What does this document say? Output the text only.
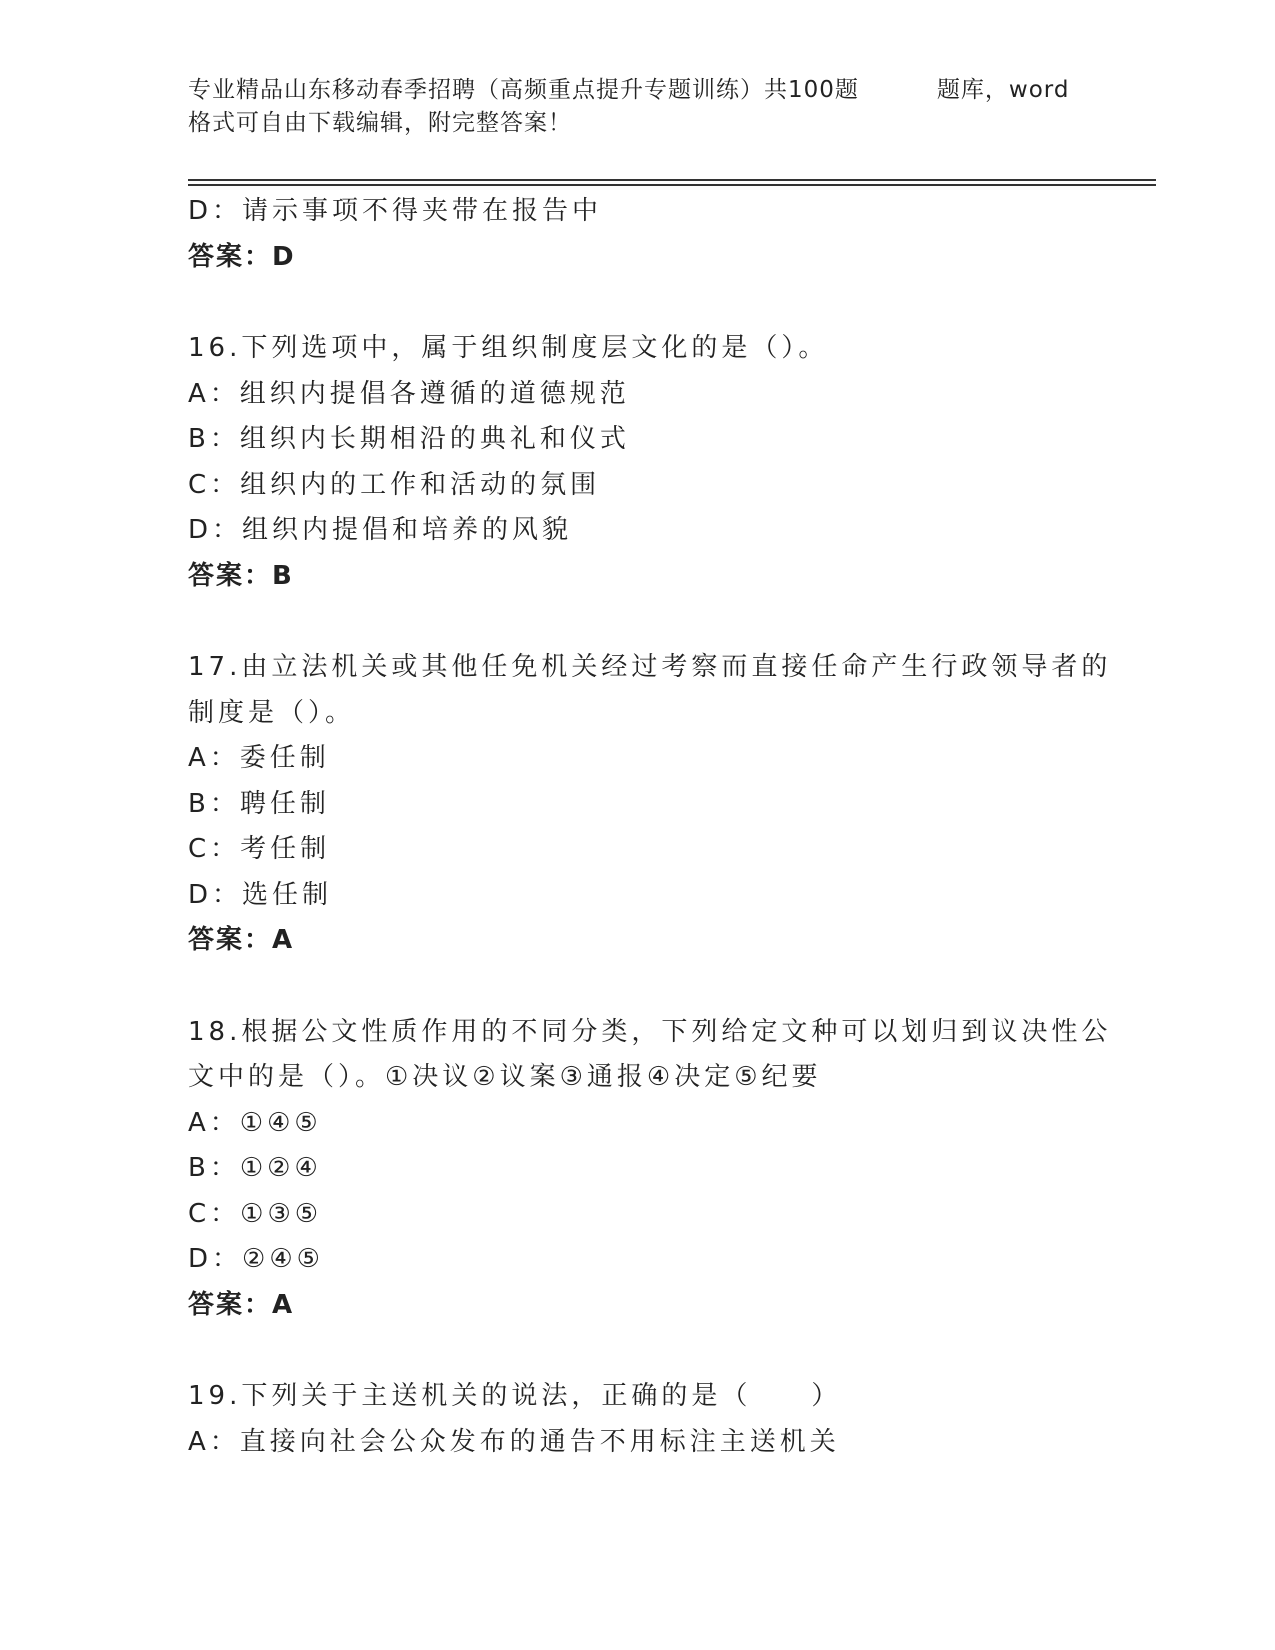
专业精品山东移动春季招聘（高频重点提升专题训练）共100题	题库，word
格式可自由下载编辑，附完整答案！
D：请示事项不得夹带在报告中
答案：D
16.下列选项中，属于组织制度层文化的是（）。
A：组织内提倡各遵循的道德规范
B：组织内长期相沿的典礼和仪式
C：组织内的工作和活动的氛围
D：组织内提倡和培养的风貌
答案：B
17.由立法机关或其他任免机关经过考察而直接任命产生行政领导者的
制度是（）。
A：委任制
B：聘任制
C：考任制
D：选任制
答案：A
18.根据公文性质作用的不同分类，下列给定文种可以划归到议决性公
文中的是（）。①决议②议案③通报④决定⑤纪要
A：①④⑤
B：①②④
C：①③⑤
D：②④⑤
答案：A
19.下列关于主送机关的说法，正确的是（　　）
A：直接向社会公众发布的通告不用标注主送机关
